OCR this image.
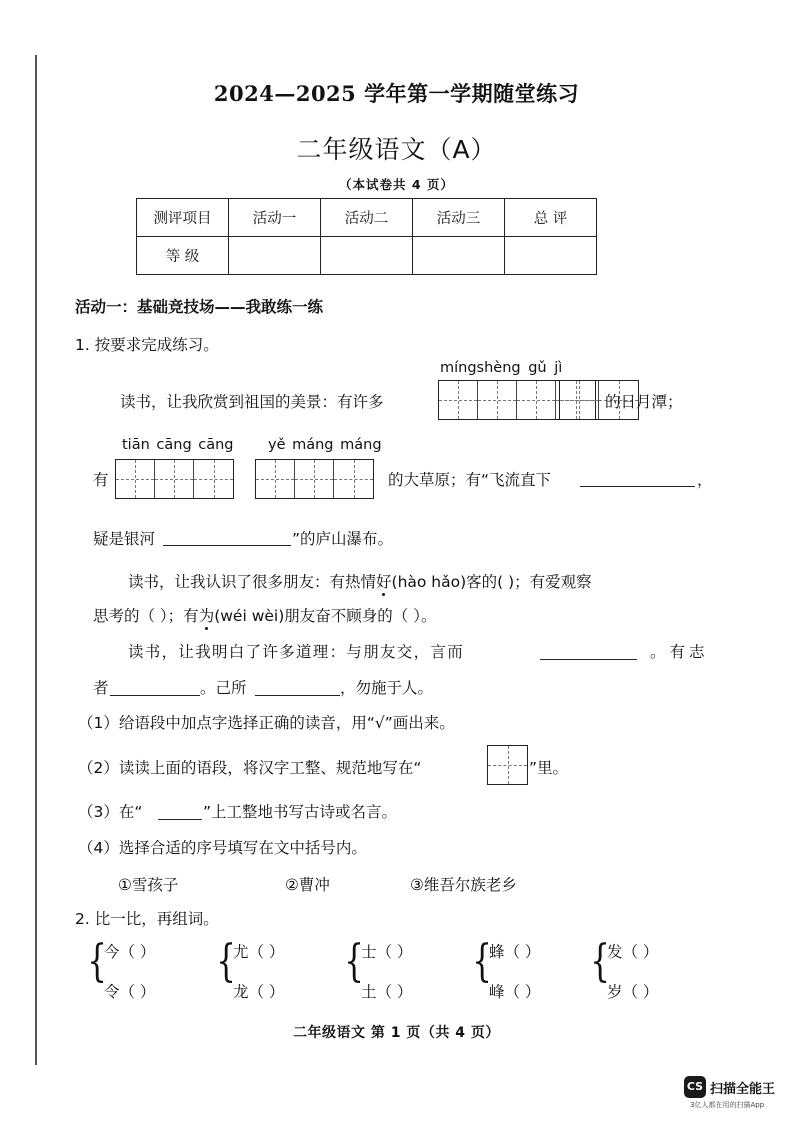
2024—2025 学年第一学期随堂练习
二年级语文（A）
（本试卷共 4 页）
测评项目	活动一	活动二	活动三	总 评
等 级				
活动一：基础竞技场——我敢练一练
1. 按要求完成练习。
míngshèng gǔ jì
读书，让我欣赏到祖国的美景：有许多	的日月潭；
tiān cāng cāng yě máng máng
有	的大草原；有“飞流直下	，
疑是银河	”的庐山瀑布。
读书，让我认识了很多朋友：有热情好(hào hǎo)客的( )；有爱观察
思考的（ ）；有为(wéi wèi)朋友奋不顾身的（ ）。
读书，让我明白了许多道理：与朋友交，言而	。有志
者	。己所	，勿施于人。
（1）给语段中加点字选择正确的读音，用“√”画出来。
（2）读读上面的语段，将汉字工整、规范地写在“	”里。
（3）在“	”上工整地书写古诗或名言。
（4）选择合适的序号填写在文中括号内。
①雪孩子	②曹冲	③维吾尔族老乡
2. 比一比，再组词。
{
今（ ）
令（ ）
{
尤（ ）
龙（ ）
{
士（ ）
土（ ）
{
蜂（ ）
峰（ ）
{
发（ ）
岁（ ）
二年级语文 第 1 页（共 4 页）
CS 扫描全能王
3亿人都在用的扫描App
